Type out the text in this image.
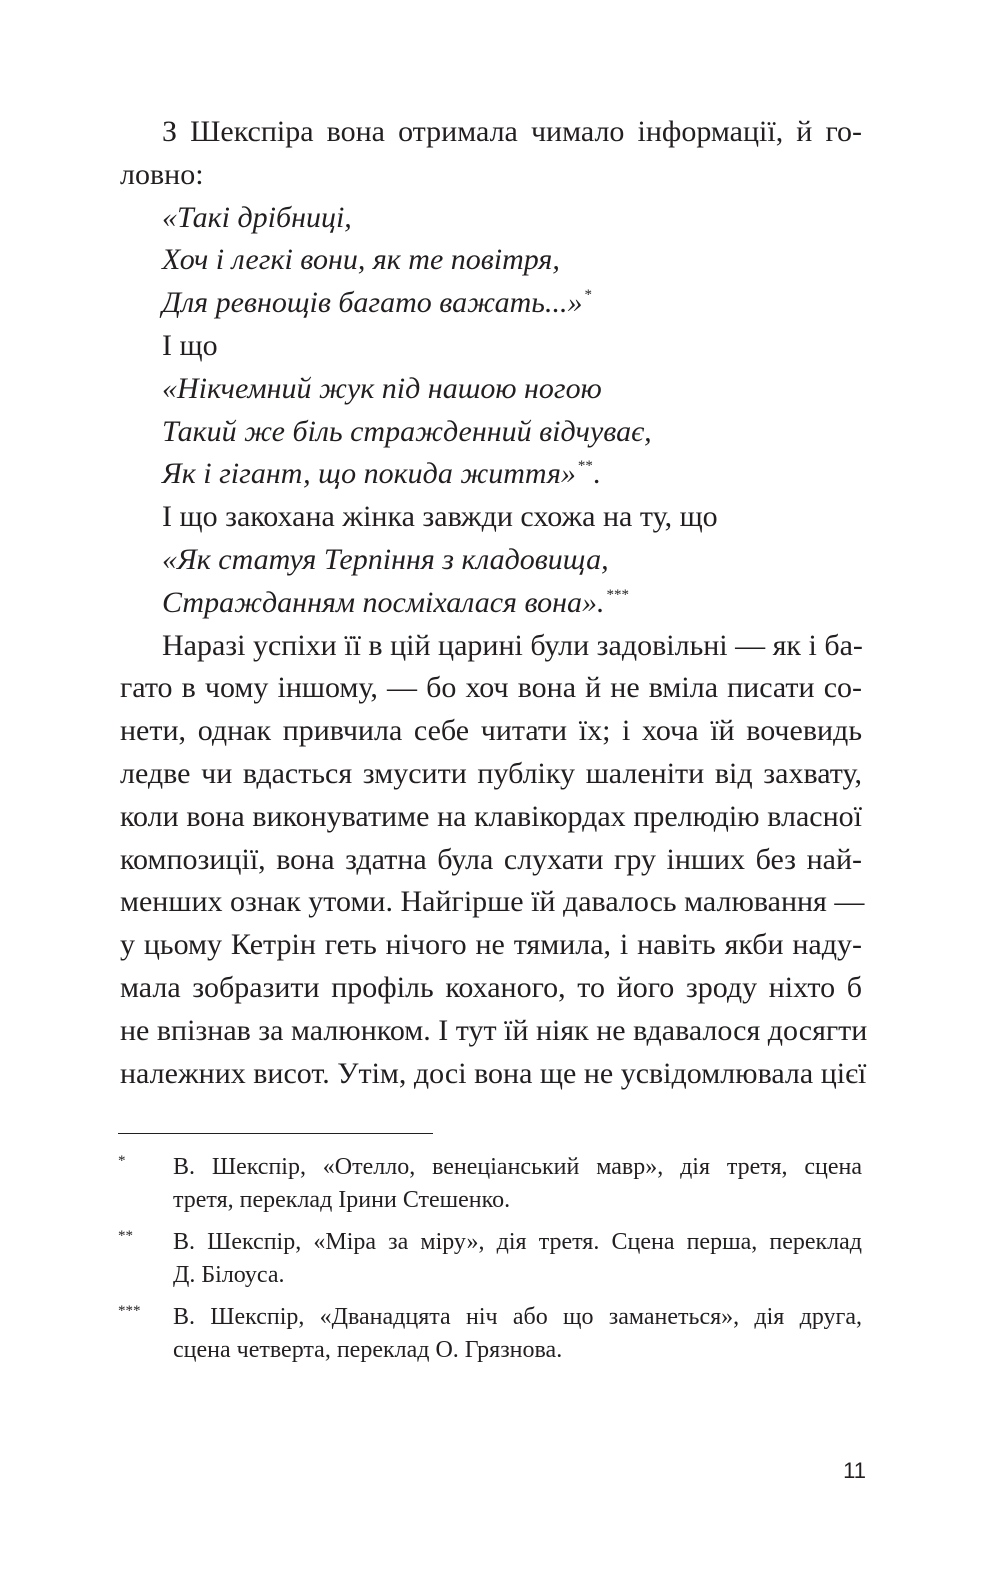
З Шекспіра вона отримала чимало інформації, й го-
ловно:
«Такі дрібниці,
Хоч і легкі вони, як те повітря,
Для ревнощів багато важать...» *
І що
«Нікчемний жук під нашою ногою
Такий же біль стражденний відчуває,
Як і гігант, що покида життя» **.
І що закохана жінка завжди схожа на ту, що
«Як статуя Терпіння з кладовища,
Стражданням посміхалася вона». ***
Наразі успіхи її в цій царині були задовільні — як і ба-
гато в чому іншому, — бо хоч вона й не вміла писати со-
нети, однак привчила себе читати їх; і хоча їй вочевидь
ледве чи вдасться змусити публіку шаленіти від захвату,
коли вона виконуватиме на клавікордах прелюдію власної
композиції, вона здатна була слухати гру інших без най-
менших ознак утоми. Найгірше їй давалось малювання —
у цьому Кетрін геть нічого не тямила, і навіть якби наду-
мала зобразити профіль коханого, то його зроду ніхто б
не впізнав за малюнком. І тут їй ніяк не вдавалося досягти
належних висот. Утім, досі вона ще не усвідомлювала цієї
* В. Шекспір, «Отелло, венеціанський мавр», дія третя, сцена
третя, переклад Ірини Стешенко.
** В. Шекспір, «Міра за міру», дія третя. Сцена перша, переклад
Д. Білоуса.
*** В. Шекспір, «Дванадцята ніч або що заманеться», дія друга,
сцена четверта, переклад О. Грязнова.
11
